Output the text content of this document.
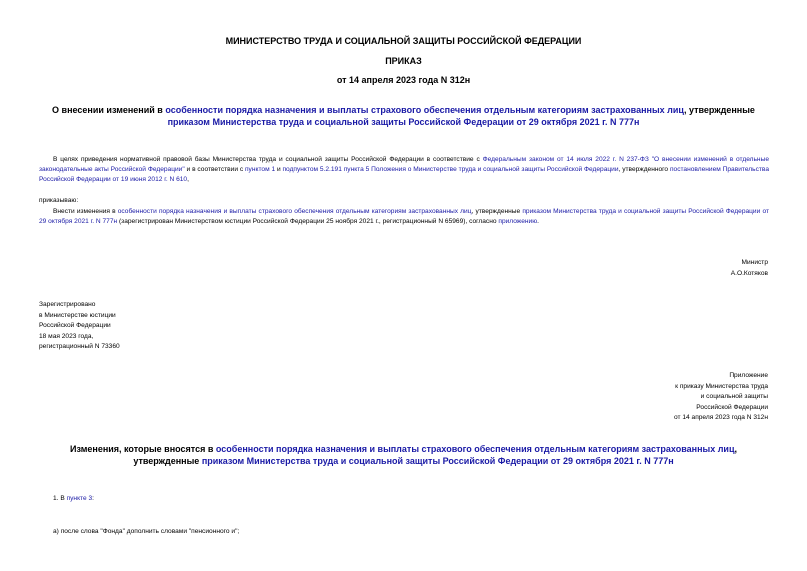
МИНИСТЕРСТВО ТРУДА И СОЦИАЛЬНОЙ ЗАЩИТЫ РОССИЙСКОЙ ФЕДЕРАЦИИ
ПРИКАЗ
от 14 апреля 2023 года N 312н
О внесении изменений в особенности порядка назначения и выплаты страхового обеспечения отдельным категориям застрахованных лиц, утвержденные приказом Министерства труда и социальной защиты Российской Федерации от 29 октября 2021 г. N 777н
В целях приведения нормативной правовой базы Министерства труда и социальной защиты Российской Федерации в соответствие с Федеральным законом от 14 июля 2022 г. N 237-ФЗ "О внесении изменений в отдельные законодательные акты Российской Федерации" и в соответствии с пунктом 1 и подпунктом 5.2.191 пункта 5 Положения о Министерстве труда и социальной защиты Российской Федерации, утвержденного постановлением Правительства Российской Федерации от 19 июня 2012 г. N 610,
приказываю:
Внести изменения в особенности порядка назначения и выплаты страхового обеспечения отдельным категориям застрахованных лиц, утвержденные приказом Министерства труда и социальной защиты Российской Федерации от 29 октября 2021 г. N 777н (зарегистрирован Министерством юстиции Российской Федерации 25 ноября 2021 г., регистрационный N 65969), согласно приложению.
Министр
А.О.Котяков
Зарегистрировано
в Министерстве юстиции
Российской Федерации
18 мая 2023 года,
регистрационный N 73360
Приложение
к приказу Министерства труда
и социальной защиты
Российской Федерации
от 14 апреля 2023 года N 312н
Изменения, которые вносятся в особенности порядка назначения и выплаты страхового обеспечения отдельным категориям застрахованных лиц, утвержденные приказом Министерства труда и социальной защиты Российской Федерации от 29 октября 2021 г. N 777н
1. В пункте 3:
а) после слова "Фонда" дополнить словами "пенсионного и";
